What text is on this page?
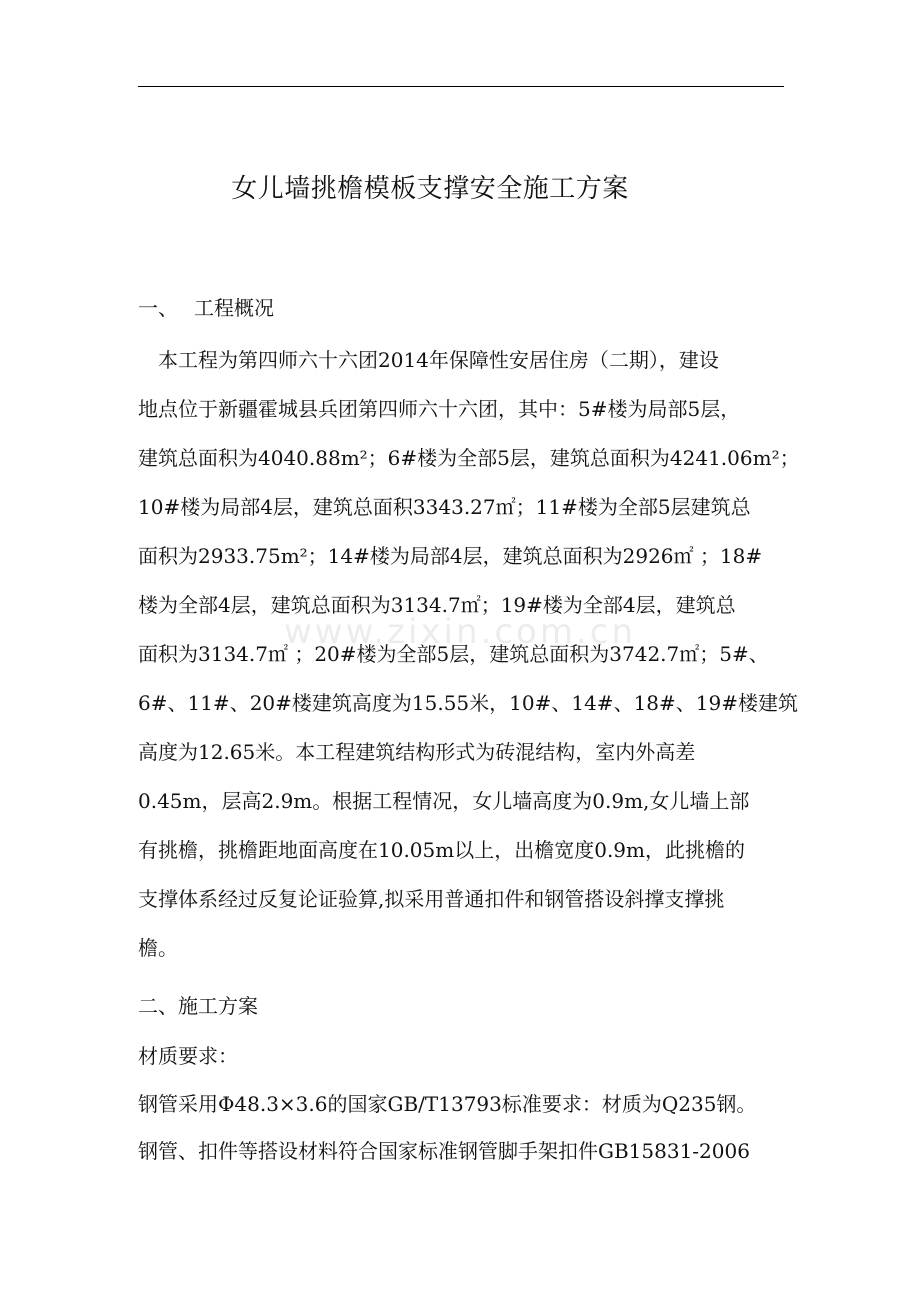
女儿墙挑檐模板支撑安全施工方案
一、 工程概况
　本工程为第四师六十六团2014年保障性安居住房（二期），建设
地点位于新疆霍城县兵团第四师六十六团，其中：5#楼为局部5层，
建筑总面积为4040.88m²；6#楼为全部5层，建筑总面积为4241.06m²；
10#楼为局部4层，建筑总面积3343.27㎡；11#楼为全部5层建筑总
面积为2933.75m²；14#楼为局部4层，建筑总面积为2926㎡ ；18#
楼为全部4层，建筑总面积为3134.7㎡；19#楼为全部4层，建筑总
面积为3134.7㎡ ；20#楼为全部5层，建筑总面积为3742.7㎡；5#、
6#、11#、20#楼建筑高度为15.55米，10#、14#、18#、19#楼建筑
高度为12.65米。本工程建筑结构形式为砖混结构，室内外高差
0.45m，层高2.9m。根据工程情况，女儿墙高度为0.9m,女儿墙上部
有挑檐，挑檐距地面高度在10.05m以上，出檐宽度0.9m，此挑檐的
支撑体系经过反复论证验算,拟采用普通扣件和钢管搭设斜撑支撑挑
檐。
二、施工方案
材质要求：
钢管采用Φ48.3×3.6的国家GB/T13793标准要求：材质为Q235钢。
钢管、扣件等搭设材料符合国家标准钢管脚手架扣件GB15831-2006
www.zixin.com.cn
